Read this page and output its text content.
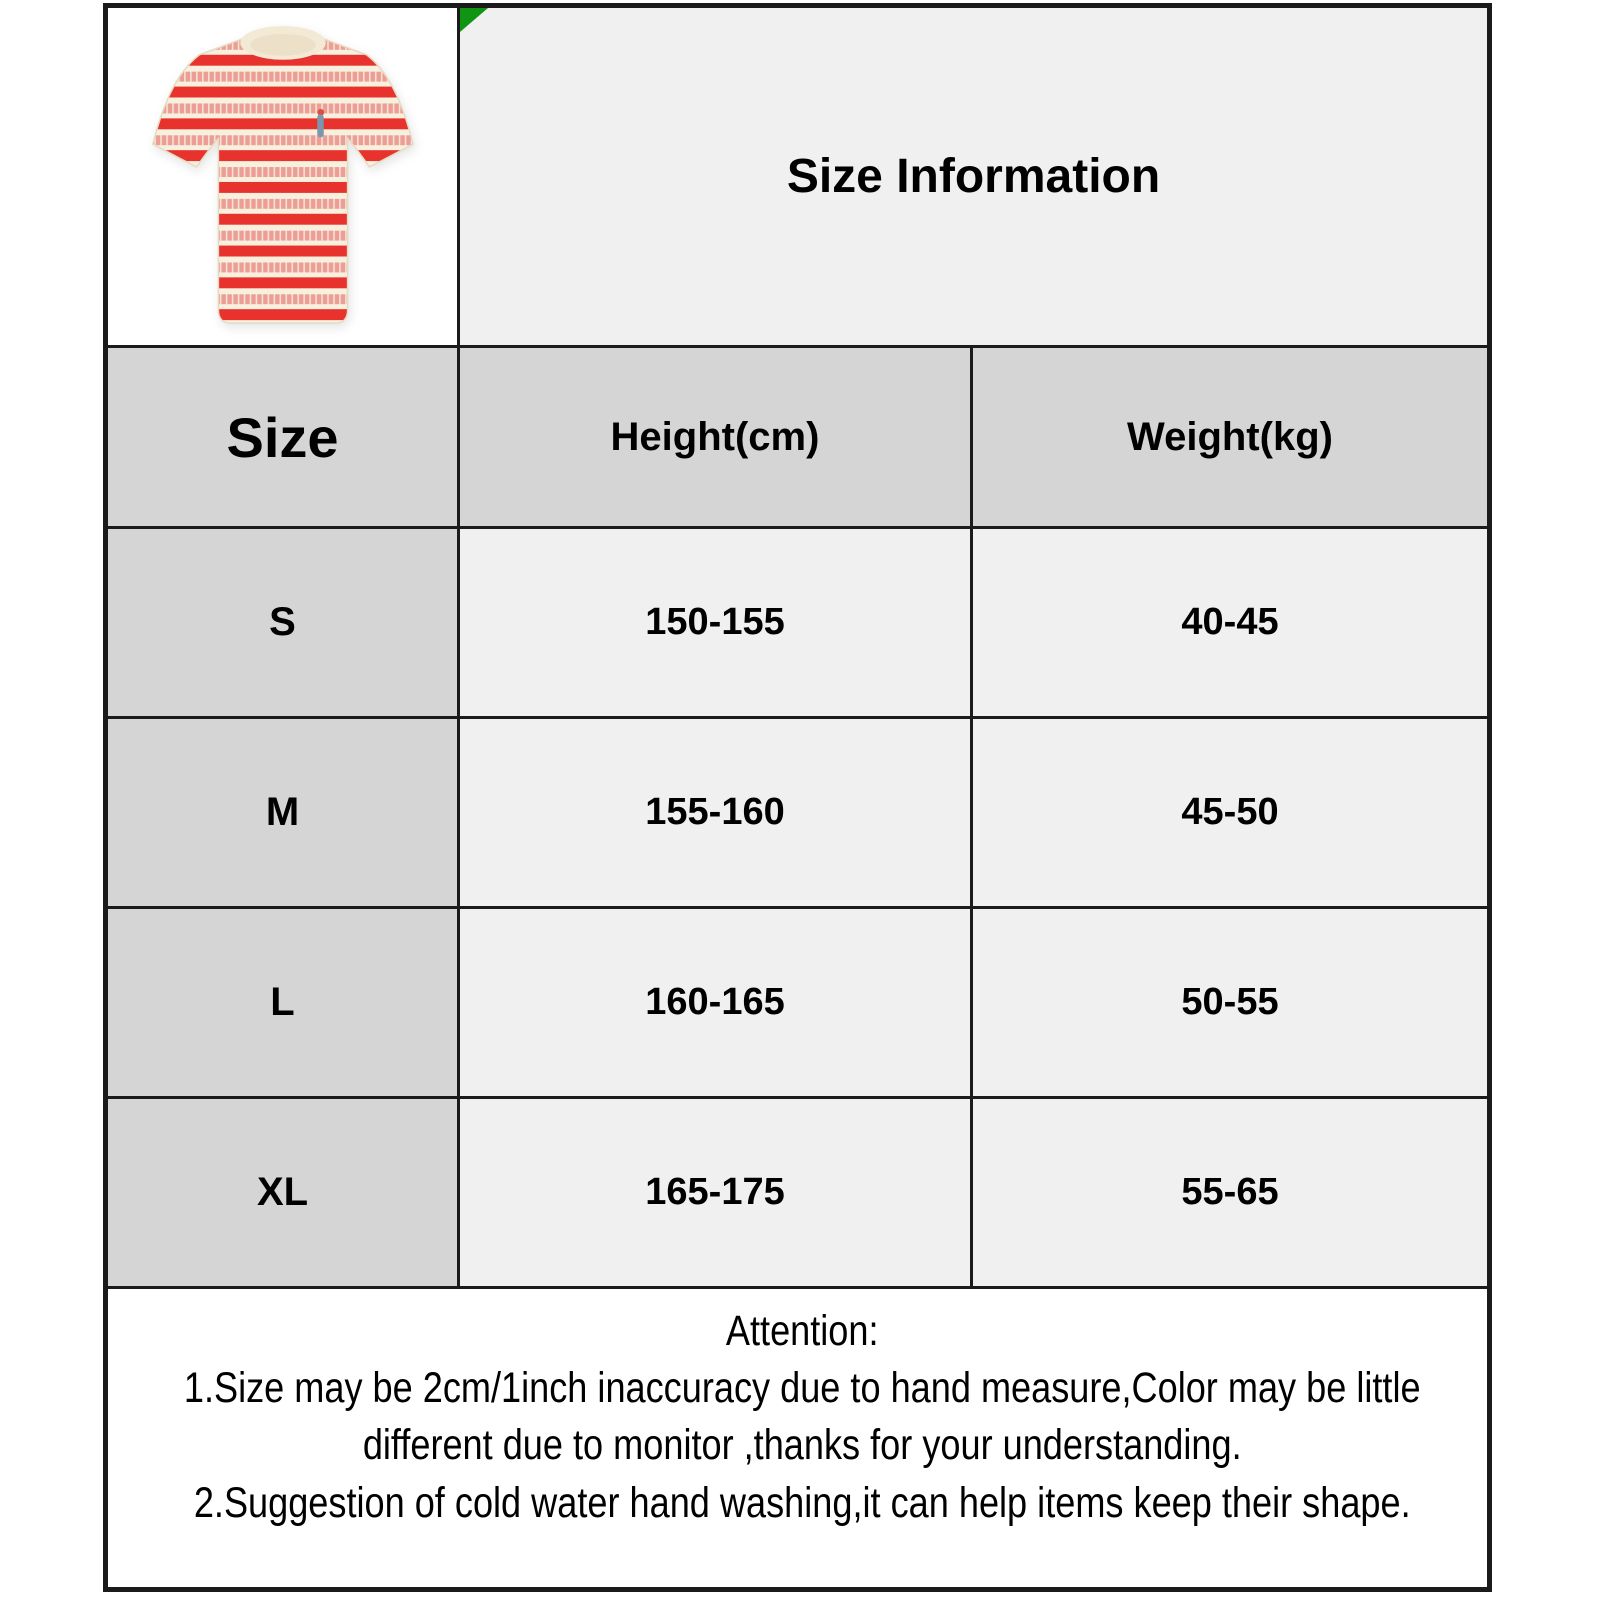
Size Information
Size	Height(cm)	Weight(kg)
S	150-155	40-45
M	155-160	45-50
L	160-165	50-55
XL	165-175	55-65
Attention:
1.Size may be 2cm/1inch inaccuracy due to hand measure,Color may be little different due to monitor ,thanks for your understanding.
2.Suggestion of cold water hand washing,it can help items keep their shape.
